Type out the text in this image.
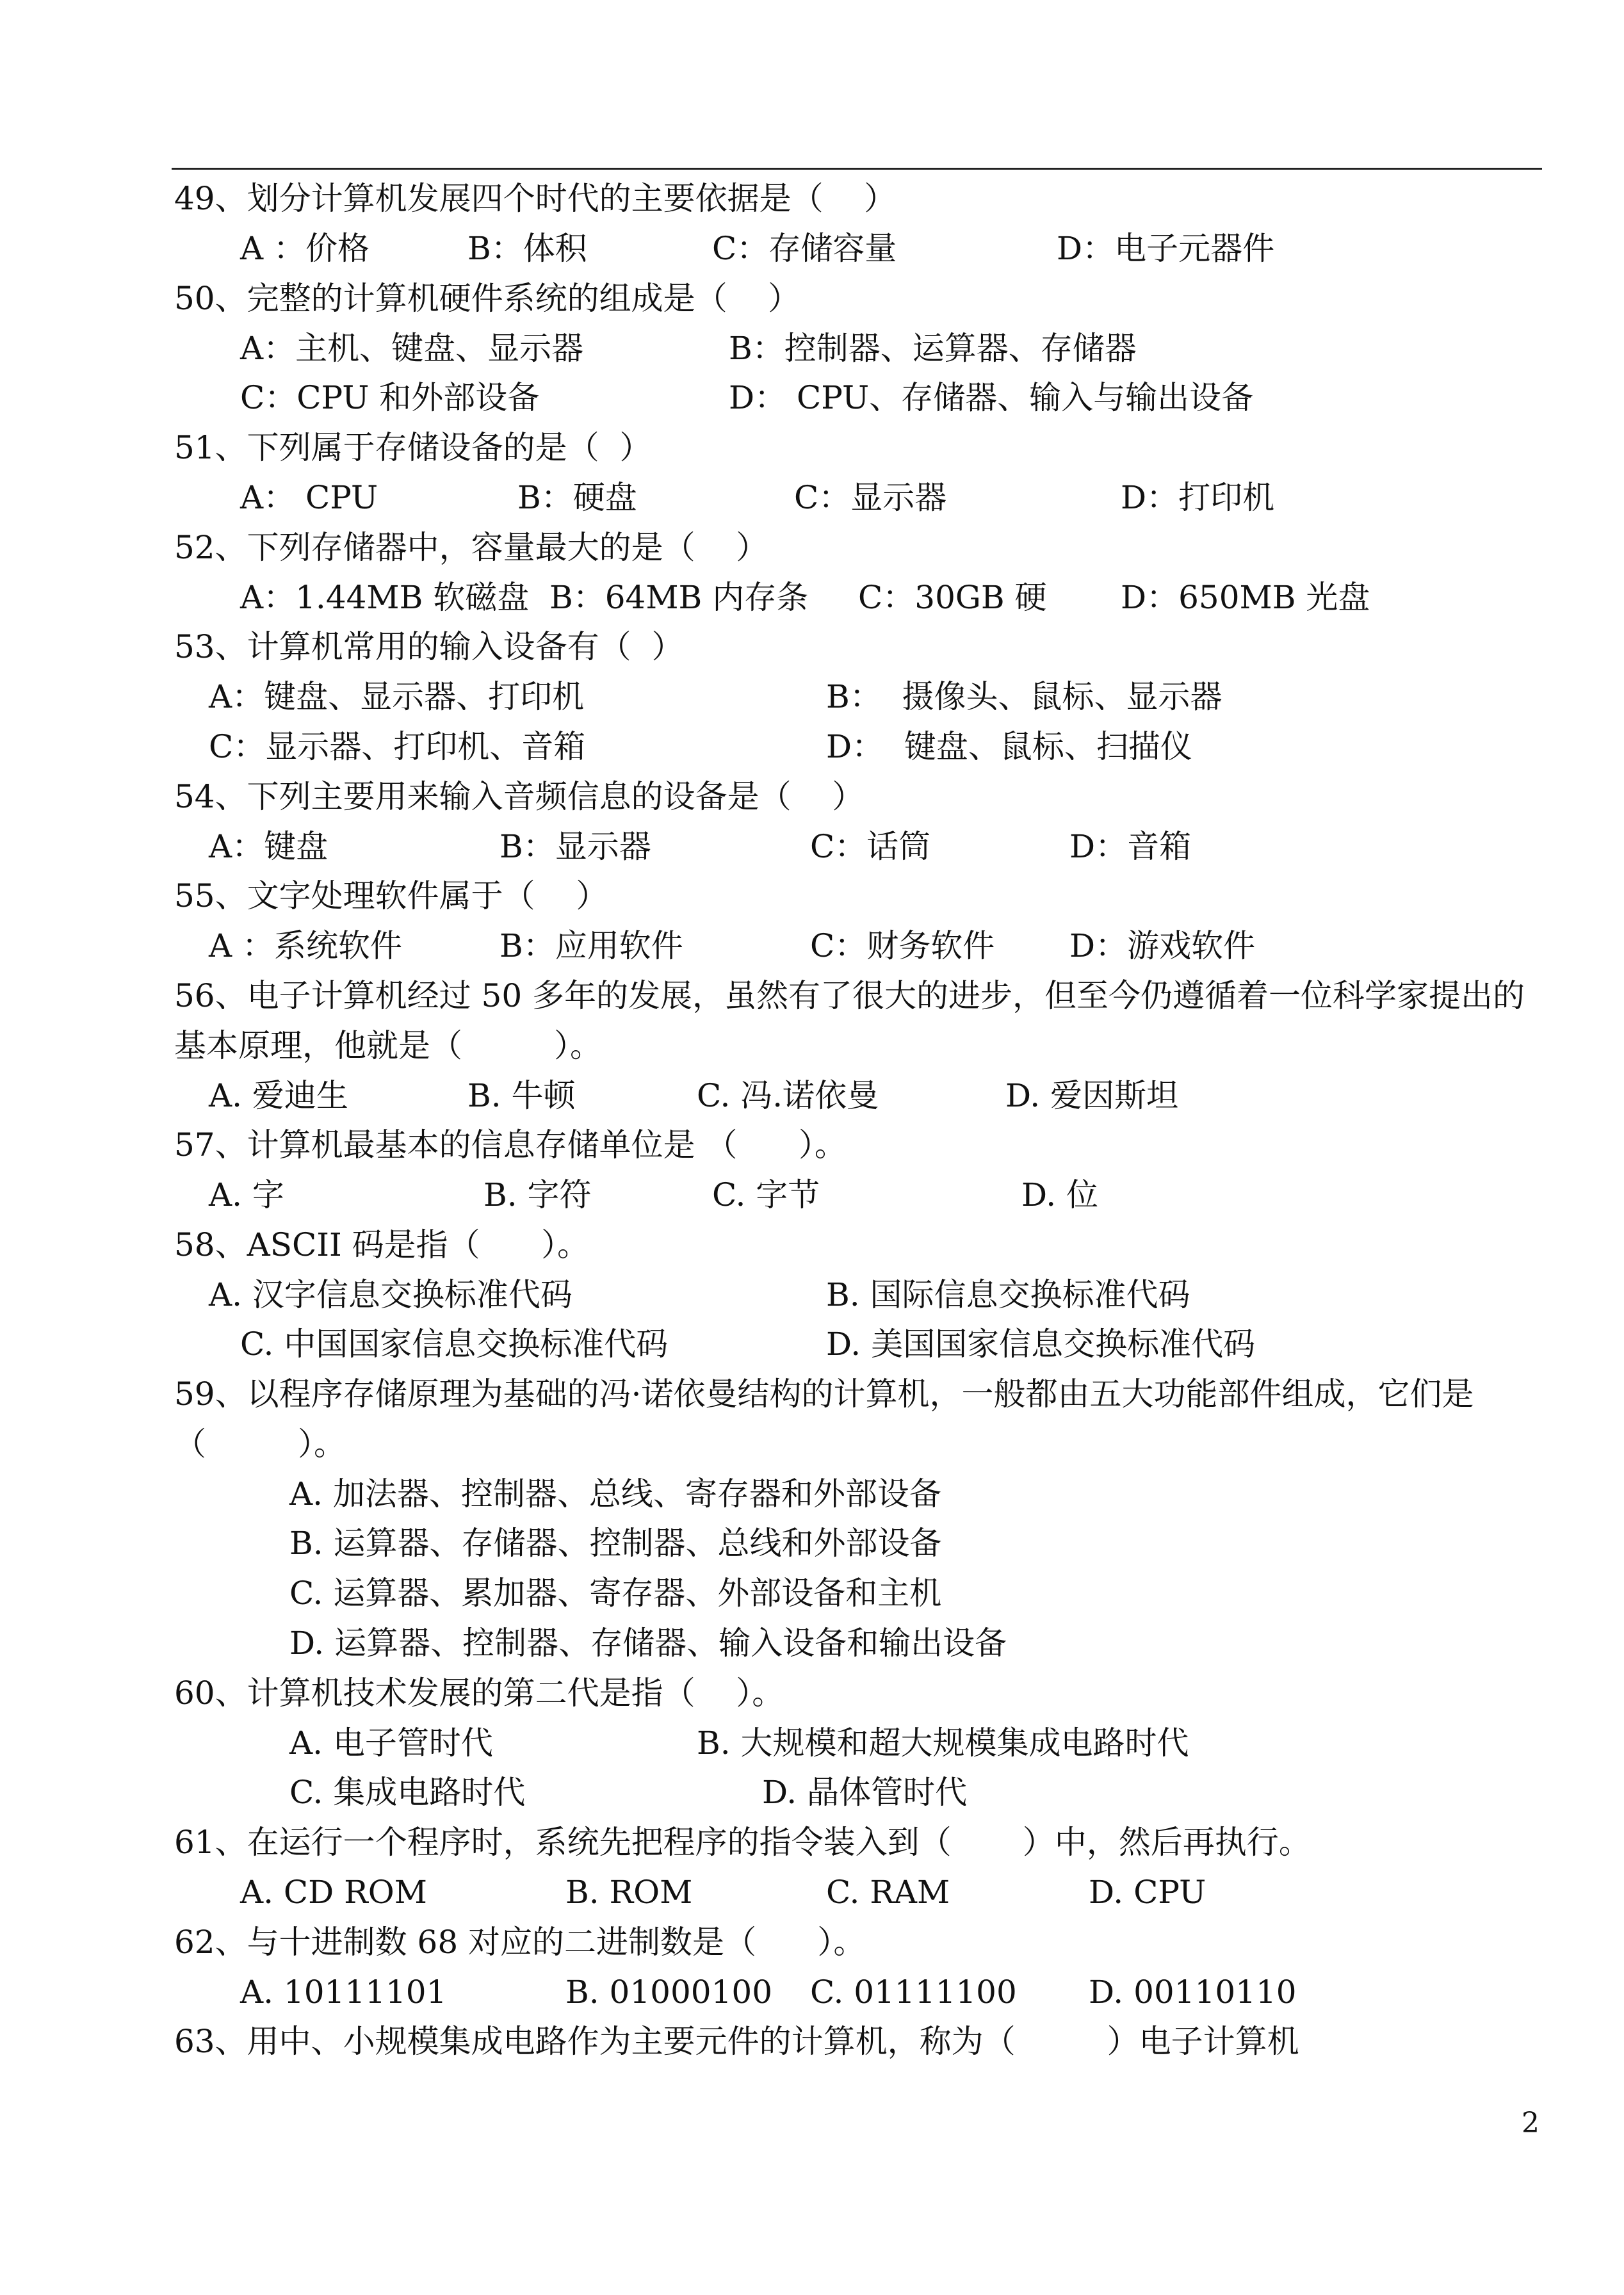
49、划分计算机发展四个时代的主要依据是（    ）
A ：价格	B：体积	C：存储容量	D：电子元器件
50、完整的计算机硬件系统的组成是（    ）
A：主机、键盘、显示器	B：控制器、运算器、存储器
C：CPU 和外部设备	D： CPU、存储器、输入与输出设备
51、下列属于存储设备的是（  ）
A： CPU	B：硬盘	C：显示器	D：打印机
52、下列存储器中，容量最大的是（    ）
A：1.44MB 软磁盘 B：64MB 内存条 C：30GB 硬 D：650MB 光盘
53、计算机常用的输入设备有（  ）
A：键盘、显示器、打印机	B：  摄像头、鼠标、显示器
C：显示器、打印机、音箱	D：  键盘、鼠标、扫描仪
54、下列主要用来输入音频信息的设备是（    ）
A：键盘	B：显示器	C：话筒	D：音箱
55、文字处理软件属于（    ）
A ：系统软件	B：应用软件	C：财务软件 D：游戏软件
56、电子计算机经过 50 多年的发展，虽然有了很大的进步，但至今仍遵循着一位科学家提出的
基本原理，他就是（         ）。
A. 爱迪生	B. 牛顿	C. 冯.诺依曼	D. 爱因斯坦
57、计算机最基本的信息存储单位是 （      ）。
A. 字	B. 字符	C. 字节	D. 位
58、ASCII 码是指（      ）。
A. 汉字信息交换标准代码	B. 国际信息交换标准代码
C. 中国国家信息交换标准代码	D. 美国国家信息交换标准代码
59、以程序存储原理为基础的冯·诺依曼结构的计算机，一般都由五大功能部件组成，它们是
（         ）。
A. 加法器、控制器、总线、寄存器和外部设备
B. 运算器、存储器、控制器、总线和外部设备
C. 运算器、累加器、寄存器、外部设备和主机
D. 运算器、控制器、存储器、输入设备和输出设备
60、计算机技术发展的第二代是指（    ）。
A. 电子管时代	B. 大规模和超大规模集成电路时代
C. 集成电路时代	D. 晶体管时代
61、在运行一个程序时，系统先把程序的指令装入到（       ）中，然后再执行。
A. CD ROM	B. ROM	C. RAM	D. CPU
62、与十进制数 68 对应的二进制数是（      ）。
A. 10111101	B. 01000100 C. 01111100 D. 00110110
63、用中、小规模集成电路作为主要元件的计算机，称为（         ）电子计算机
2
